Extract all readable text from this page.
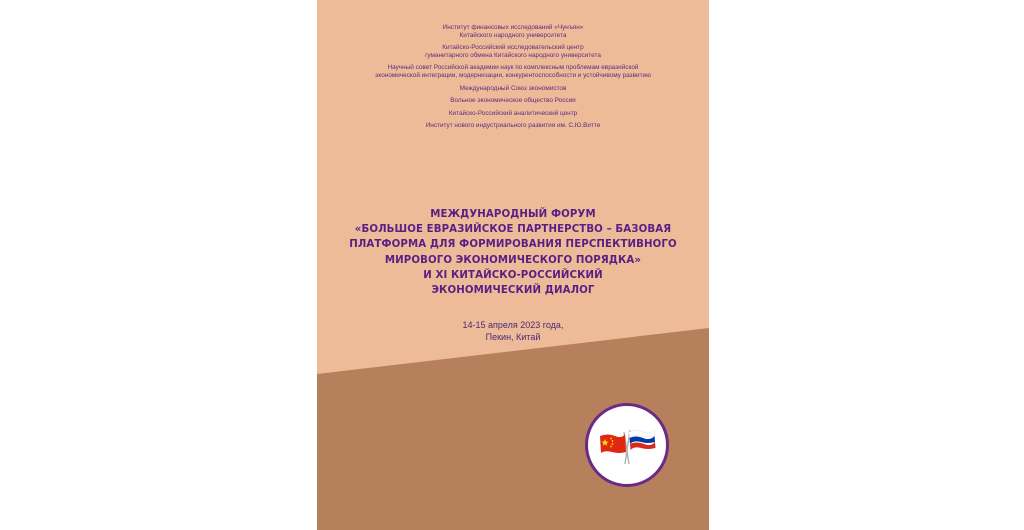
Институт финансовых исследований «Чунъян»
Китайского народного университета
Китайско-Российский исследовательский центр
гуманитарного обмена Китайского народного университета
Научный совет Российской академии наук по комплексным проблемам евразийской
экономической интеграции, модернизации, конкурентоспособности и устойчивому развитию
Международный Союз экономистов
Вольное экономическое общество России
Китайско-Российский аналитический центр
Институт нового индустриального развития им. С.Ю.Витте
МЕЖДУНАРОДНЫЙ ФОРУМ
«БОЛЬШОЕ ЕВРАЗИЙСКОЕ ПАРТНЕРСТВО – БАЗОВАЯ
ПЛАТФОРМА ДЛЯ ФОРМИРОВАНИЯ ПЕРСПЕКТИВНОГО
МИРОВОГО ЭКОНОМИЧЕСКОГО ПОРЯДКА»
И XI КИТАЙСКО-РОССИЙСКИЙ
ЭКОНОМИЧЕСКИЙ ДИАЛОГ
14-15 апреля 2023 года,
Пекин, Китай
